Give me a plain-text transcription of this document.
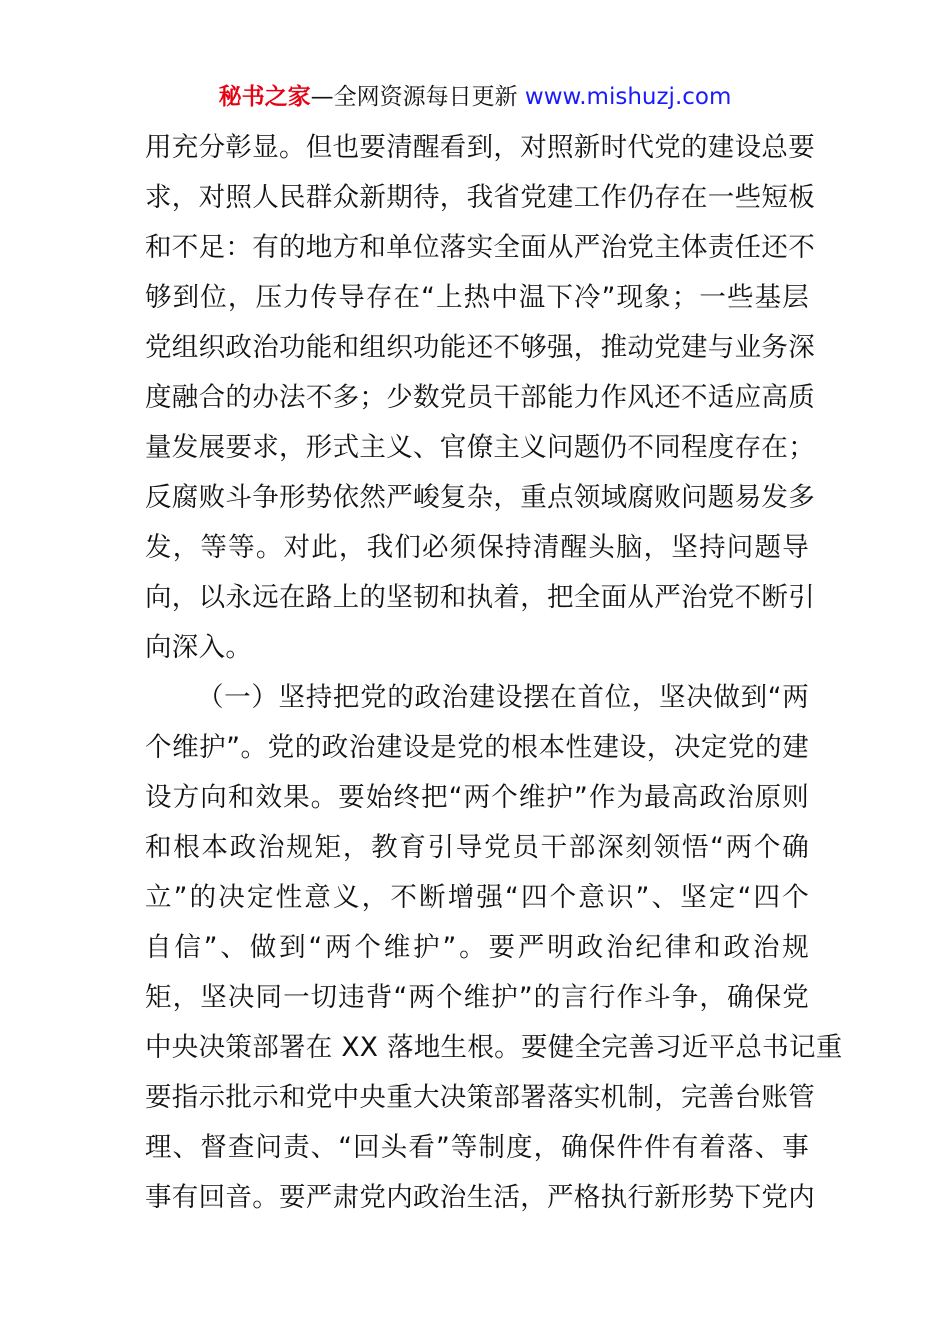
秘书之家—全网资源每日更新 www.mishuzj.com
用充分彰显。但也要清醒看到，对照新时代党的建设总要
求，对照人民群众新期待，我省党建工作仍存在一些短板
和不足：有的地方和单位落实全面从严治党主体责任还不
够到位，压力传导存在“上热中温下冷”现象；一些基层
党组织政治功能和组织功能还不够强，推动党建与业务深
度融合的办法不多；少数党员干部能力作风还不适应高质
量发展要求，形式主义、官僚主义问题仍不同程度存在；
反腐败斗争形势依然严峻复杂，重点领域腐败问题易发多
发，等等。对此，我们必须保持清醒头脑，坚持问题导
向，以永远在路上的坚韧和执着，把全面从严治党不断引
向深入。
（一）坚持把党的政治建设摆在首位，坚决做到“两
个维护”。党的政治建设是党的根本性建设，决定党的建
设方向和效果。要始终把“两个维护”作为最高政治原则
和根本政治规矩，教育引导党员干部深刻领悟“两个确
立”的决定性意义，不断增强“四个意识”、坚定“四个
自信”、做到“两个维护”。要严明政治纪律和政治规
矩，坚决同一切违背“两个维护”的言行作斗争，确保党
中央决策部署在 XX 落地生根。要健全完善习近平总书记重
要指示批示和党中央重大决策部署落实机制，完善台账管
理、督查问责、“回头看”等制度，确保件件有着落、事
事有回音。要严肃党内政治生活，严格执行新形势下党内
